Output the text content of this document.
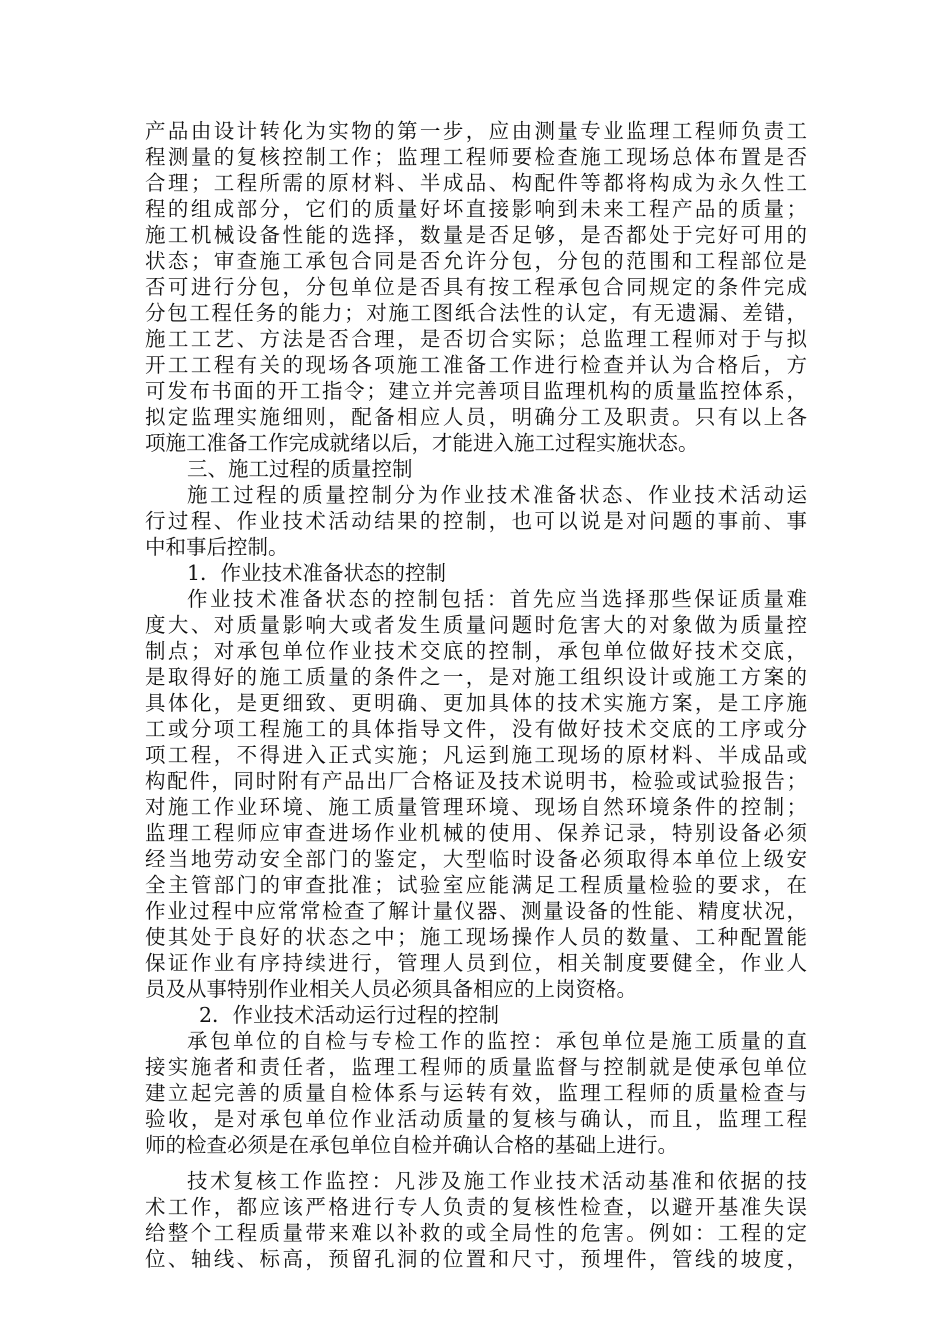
产品由设计转化为实物的第一步，应由测量专业监理工程师负责工
程测量的复核控制工作；监理工程师要检查施工现场总体布置是否
合理；工程所需的原材料、半成品、构配件等都将构成为永久性工
程的组成部分，它们的质量好坏直接影响到未来工程产品的质量；
施工机械设备性能的选择，数量是否足够，是否都处于完好可用的
状态；审查施工承包合同是否允许分包，分包的范围和工程部位是
否可进行分包，分包单位是否具有按工程承包合同规定的条件完成
分包工程任务的能力；对施工图纸合法性的认定，有无遗漏、差错，
施工工艺、方法是否合理，是否切合实际；总监理工程师对于与拟
开工工程有关的现场各项施工准备工作进行检查并认为合格后，方
可发布书面的开工指令；建立并完善项目监理机构的质量监控体系，
拟定监理实施细则，配备相应人员，明确分工及职责。只有以上各
项施工准备工作完成就绪以后，才能进入施工过程实施状态。
三、施工过程的质量控制
施工过程的质量控制分为作业技术准备状态、作业技术活动运
行过程、作业技术活动结果的控制，也可以说是对问题的事前、事
中和事后控制。
1．作业技术准备状态的控制
作业技术准备状态的控制包括：首先应当选择那些保证质量难
度大、对质量影响大或者发生质量问题时危害大的对象做为质量控
制点；对承包单位作业技术交底的控制，承包单位做好技术交底，
是取得好的施工质量的条件之一，是对施工组织设计或施工方案的
具体化，是更细致、更明确、更加具体的技术实施方案，是工序施
工或分项工程施工的具体指导文件，没有做好技术交底的工序或分
项工程，不得进入正式实施；凡运到施工现场的原材料、半成品或
构配件，同时附有产品出厂合格证及技术说明书，检验或试验报告；
对施工作业环境、施工质量管理环境、现场自然环境条件的控制；
监理工程师应审查进场作业机械的使用、保养记录，特别设备必须
经当地劳动安全部门的鉴定，大型临时设备必须取得本单位上级安
全主管部门的审查批准；试验室应能满足工程质量检验的要求，在
作业过程中应常常检查了解计量仪器、测量设备的性能、精度状况，
使其处于良好的状态之中；施工现场操作人员的数量、工种配置能
保证作业有序持续进行，管理人员到位，相关制度要健全，作业人
员及从事特别作业相关人员必须具备相应的上岗资格。
2．作业技术活动运行过程的控制
承包单位的自检与专检工作的监控：承包单位是施工质量的直
接实施者和责任者，监理工程师的质量监督与控制就是使承包单位
建立起完善的质量自检体系与运转有效，监理工程师的质量检查与
验收，是对承包单位作业活动质量的复核与确认，而且，监理工程
师的检查必须是在承包单位自检并确认合格的基础上进行。
技术复核工作监控：凡涉及施工作业技术活动基准和依据的技
术工作，都应该严格进行专人负责的复核性检查，以避开基准失误
给整个工程质量带来难以补救的或全局性的危害。例如：工程的定
位、轴线、标高，预留孔洞的位置和尺寸，预埋件，管线的坡度，
